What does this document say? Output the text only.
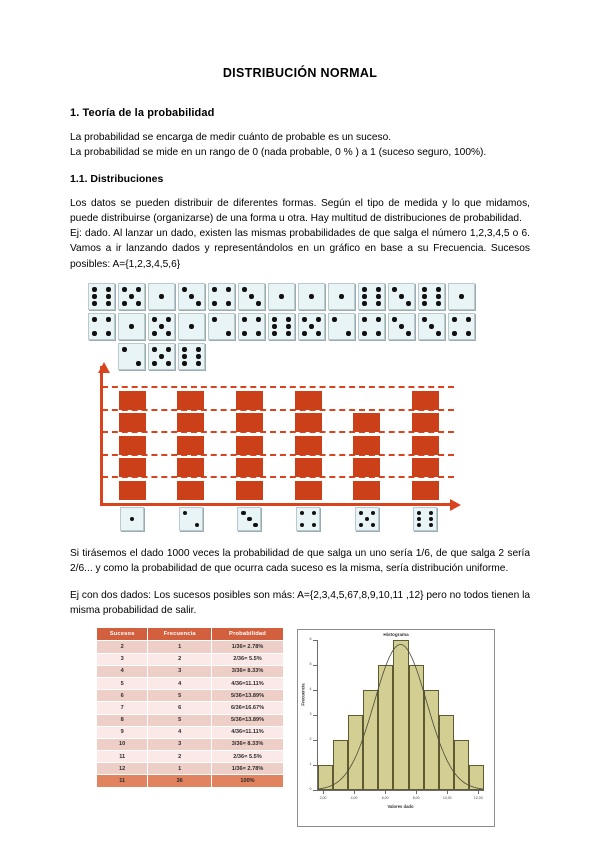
DISTRIBUCIÓN NORMAL
1. Teoría de la probabilidad

La probabilidad se encarga de medir cuánto de probable es un suceso.

La probabilidad se mide en un rango de 0 (nada probable, 0 % ) a 1 (suceso seguro, 100%).

1.1. Distribuciones

Los datos se pueden distribuir de diferentes formas. Según el tipo de medida y lo que midamos, puede distribuirse (organizarse) de una forma u otra. Hay multitud de distribuciones de probabilidad.

Ej: dado. Al lanzar un dado, existen las mismas probabilidades de que salga el número 1,2,3,4,5 o 6. Vamos a ir lanzando dados y representándolos en un gráfico en base a su Frecuencia. Sucesos posibles: A={1,2,3,4,5,6}

Si tirásemos el dado 1000 veces la probabilidad de que salga un uno sería 1/6, de que salga 2 sería 2/6... y como la probabilidad de que ocurra cada suceso es la misma, sería distribución uniforme.

Ej con dos dados: Los sucesos posibles son más: A={2,3,4,5,67,8,9,10,11 ,12} pero no todos tienen la misma probabilidad de salir.

Sucesos	Frecuencia	Probabilidad
2	1	1/36= 2.78%
3	2	2/36= 5.5%
4	3	3/36= 8.33%
5	4	4/36=11.11%
6	5	5/36=13.89%
7	6	6/36=16.67%
8	5	5/36=13.89%
9	4	4/36=11.11%
10	3	3/36= 8.33%
11	2	2/36= 5.5%
12	1	1/36= 2.78%
11	36	100%
Histograma
Frecuencia
0
1
2
3
4
5
6
2,00	4,00	6,00	8,00	10,00	12,00
Valores dado
